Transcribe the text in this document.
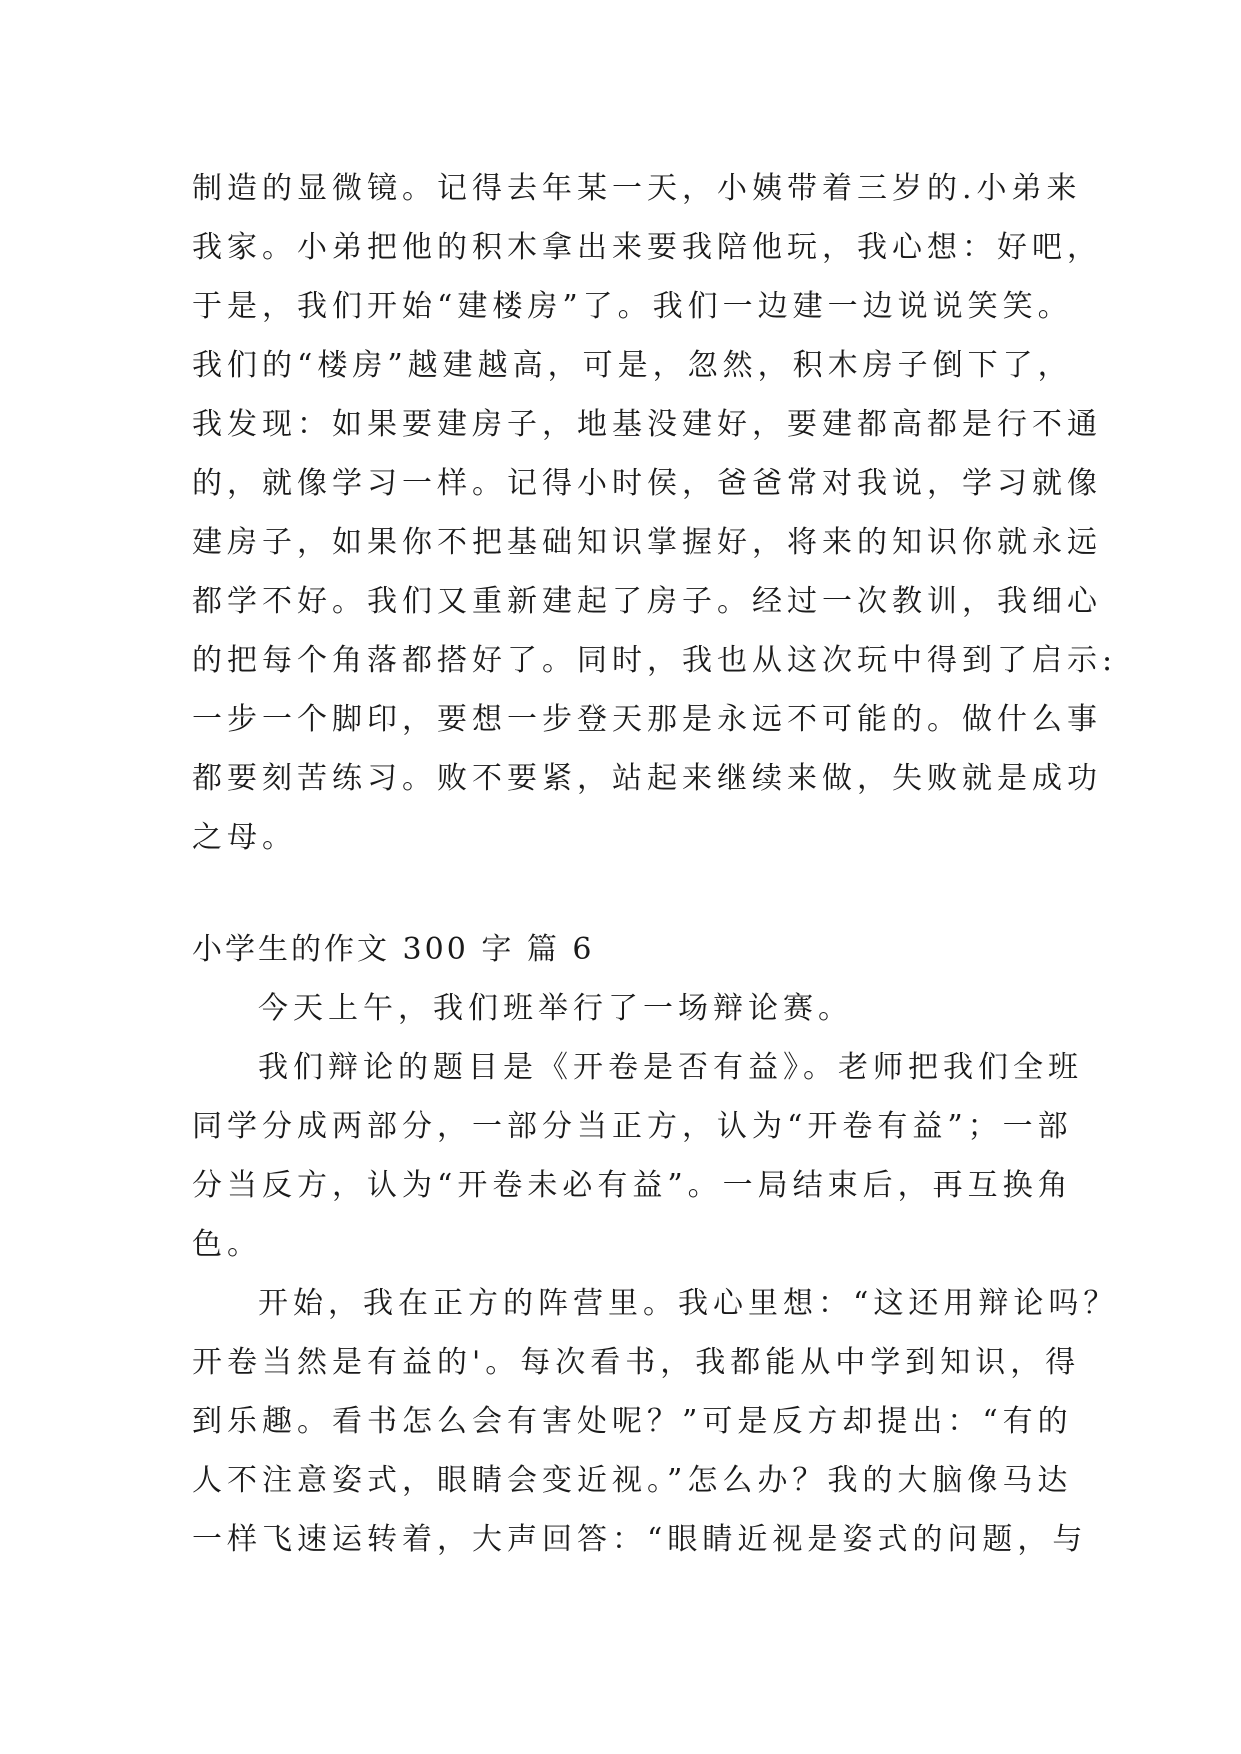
制造的显微镜。记得去年某一天，小姨带着三岁的.小弟来
我家。小弟把他的积木拿出来要我陪他玩，我心想：好吧，
于是，我们开始“建楼房”了。我们一边建一边说说笑笑。
我们的“楼房”越建越高，可是，忽然，积木房子倒下了，
我发现：如果要建房子，地基没建好，要建都高都是行不通
的，就像学习一样。记得小时侯，爸爸常对我说，学习就像
建房子，如果你不把基础知识掌握好，将来的知识你就永远
都学不好。我们又重新建起了房子。经过一次教训，我细心
的把每个角落都搭好了。同时，我也从这次玩中得到了启示:
一步一个脚印，要想一步登天那是永远不可能的。做什么事
都要刻苦练习。败不要紧，站起来继续来做，失败就是成功
之母。
小学生的作文 300 字 篇 6
今天上午，我们班举行了一场辩论赛。
我们辩论的题目是《开卷是否有益》。老师把我们全班
同学分成两部分，一部分当正方，认为“开卷有益”；一部
分当反方，认为“开卷未必有益”。一局结束后，再互换角
色。
开始，我在正方的阵营里。我心里想：“这还用辩论吗？
开卷当然是有益的'。每次看书，我都能从中学到知识，得
到乐趣。看书怎么会有害处呢？”可是反方却提出：“有的
人不注意姿式，眼睛会变近视。”怎么办？我的大脑像马达
一样飞速运转着，大声回答：“眼睛近视是姿式的问题，与
